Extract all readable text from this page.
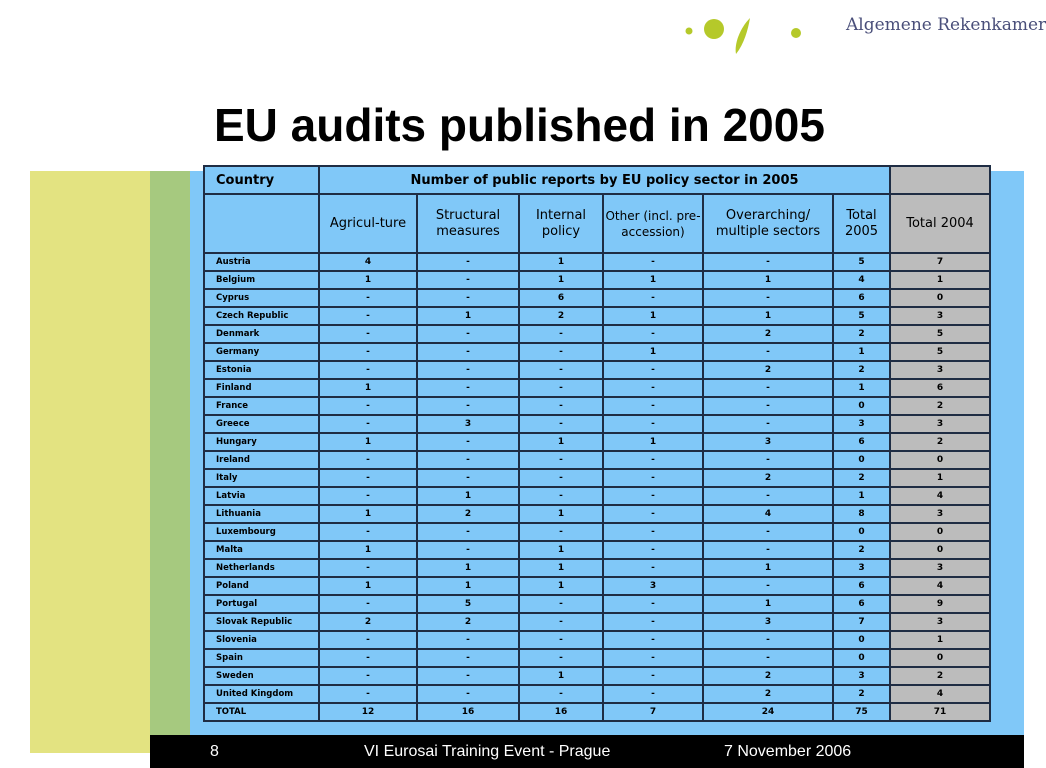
Algemene Rekenkamer
EU audits published in 2005
Country	Number of public reports by EU policy sector in 2005						
	Agricul-ture	Structural measures	Internal policy	Other (incl. pre-accession)	Overarching/ multiple sectors	Total 2005	Total 2004
Austria	4	-	1	-	-	5	7
Belgium	1	-	1	1	1	4	1
Cyprus	-	-	6	-	-	6	0
Czech Republic	-	1	2	1	1	5	3
Denmark	-	-	-	-	2	2	5
Germany	-	-	-	1	-	1	5
Estonia	-	-	-	-	2	2	3
Finland	1	-	-	-	-	1	6
France	-	-	-	-	-	0	2
Greece	-	3	-	-	-	3	3
Hungary	1	-	1	1	3	6	2
Ireland	-	-	-	-	-	0	0
Italy	-	-	-	-	2	2	1
Latvia	-	1	-	-	-	1	4
Lithuania	1	2	1	-	4	8	3
Luxembourg	-	-	-	-	-	0	0
Malta	1	-	1	-	-	2	0
Netherlands	-	1	1	-	1	3	3
Poland	1	1	1	3	-	6	4
Portugal	-	5	-	-	1	6	9
Slovak Republic	2	2	-	-	3	7	3
Slovenia	-	-	-	-	-	0	1
Spain	-	-	-	-	-	0	0
Sweden	-	-	1	-	2	3	2
United Kingdom	-	-	-	-	2	2	4
TOTAL	12	16	16	7	24	75	71
8	VI Eurosai Training Event - Prague	7 November 2006
